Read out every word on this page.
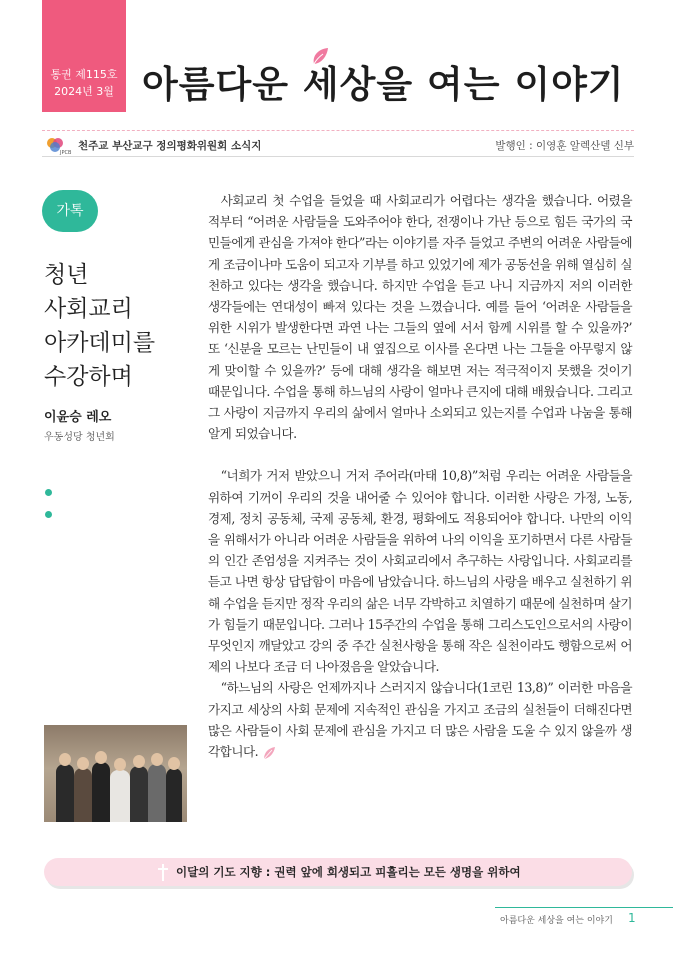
통권 제115호
2024년 3월 아름다운 세상을 여는 이야기
JPCB
천주교 부산교구 정의평화위원회 소식지	발행인 : 이영훈 알렉산델 신부
가톡
청년
사회교리
아카데미를
수강하며
이윤승 레오
우동성당 청년회

사회교리 첫 수업을 들었을 때 사회교리가 어렵다는 생각을 했습니다. 어렸을 적부터 “어려운 사람들을 도와주어야 한다, 전쟁이나 가난 등으로 힘든 국가의 국민들에게 관심을 가져야 한다”라는 이야기를 자주 들었고 주변의 어려운 사람들에게 조금이나마 도움이 되고자 기부를 하고 있었기에 제가 공동선을 위해 열심히 실천하고 있다는 생각을 했습니다. 하지만 수업을 듣고 나니 지금까지 저의 이러한 생각들에는 연대성이 빠져 있다는 것을 느꼈습니다. 예를 들어 ‘어려운 사람들을 위한 시위가 발생한다면 과연 나는 그들의 옆에 서서 함께 시위를 할 수 있을까?’ 또 ‘신분을 모르는 난민들이 내 옆집으로 이사를 온다면 나는 그들을 아무렇지 않게 맞이할 수 있을까?’ 등에 대해 생각을 해보면 저는 적극적이지 못했을 것이기 때문입니다. 수업을 통해 하느님의 사랑이 얼마나 큰지에 대해 배웠습니다. 그리고 그 사랑이 지금까지 우리의 삶에서 얼마나 소외되고 있는지를 수업과 나눔을 통해 알게 되었습니다.

“너희가 거저 받았으니 거저 주어라(마태 10,8)”처럼 우리는 어려운 사람들을 위하여 기꺼이 우리의 것을 내어줄 수 있어야 합니다. 이러한 사랑은 가정, 노동, 경제, 정치 공동체, 국제 공동체, 환경, 평화에도 적용되어야 합니다. 나만의 이익을 위해서가 아니라 어려운 사람들을 위하여 나의 이익을 포기하면서 다른 사람들의 인간 존엄성을 지켜주는 것이 사회교리에서 추구하는 사랑입니다. 사회교리를 듣고 나면 항상 답답함이 마음에 남았습니다. 하느님의 사랑을 배우고 실천하기 위해 수업을 듣지만 정작 우리의 삶은 너무 각박하고 치열하기 때문에 실천하며 살기가 힘들기 때문입니다. 그러나 15주간의 수업을 통해 그리스도인으로서의 사랑이 무엇인지 깨달았고 강의 중 주간 실천사항을 통해 작은 실천이라도 행함으로써 어제의 나보다 조금 더 나아졌음을 알았습니다.

“하느님의 사랑은 언제까지나 스러지지 않습니다(1코린 13,8)” 이러한 마음을 가지고 세상의 사회 문제에 지속적인 관심을 가지고 조금의 실천들이 더해진다면 많은 사람들이 사회 문제에 관심을 가지고 더 많은 사람을 도울 수 있지 않을까 생각합니다.

이달의 기도 지향 : 권력 앞에 희생되고 피흘리는 모든 생명을 위하여
아름다운 세상을 여는 이야기 1
